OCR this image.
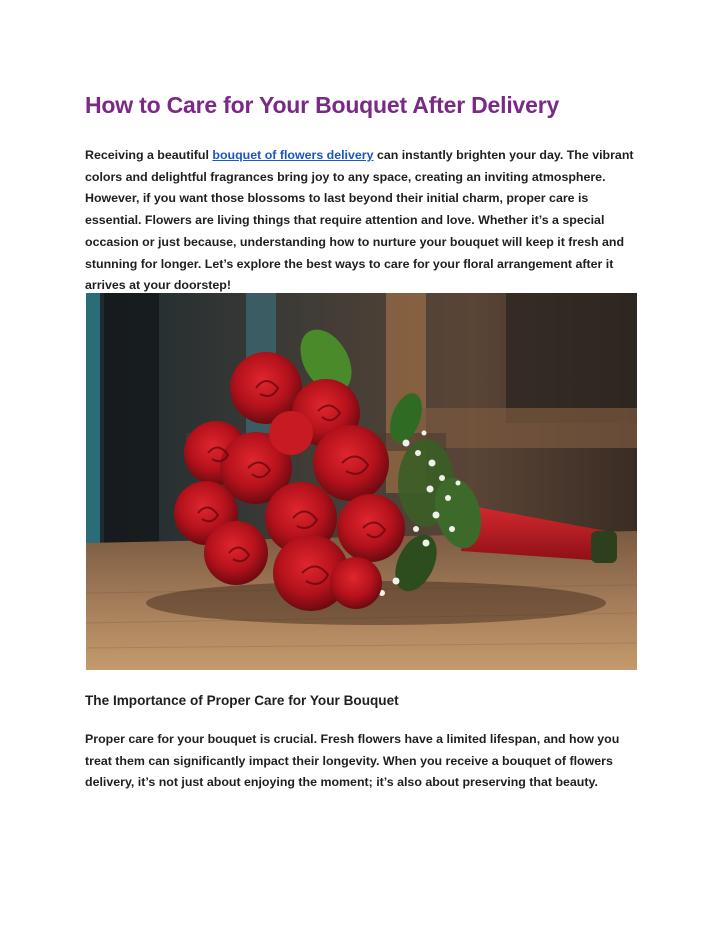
How to Care for Your Bouquet After Delivery

Receiving a beautiful bouquet of flowers delivery can instantly brighten your day. The vibrant colors and delightful fragrances bring joy to any space, creating an inviting atmosphere. However, if you want those blossoms to last beyond their initial charm, proper care is essential. Flowers are living things that require attention and love. Whether it’s a special occasion or just because, understanding how to nurture your bouquet will keep it fresh and stunning for longer. Let’s explore the best ways to care for your floral arrangement after it arrives at your doorstep!

The Importance of Proper Care for Your Bouquet

Proper care for your bouquet is crucial. Fresh flowers have a limited lifespan, and how you treat them can significantly impact their longevity. When you receive a bouquet of flowers delivery, it’s not just about enjoying the moment; it’s also about preserving that beauty.
